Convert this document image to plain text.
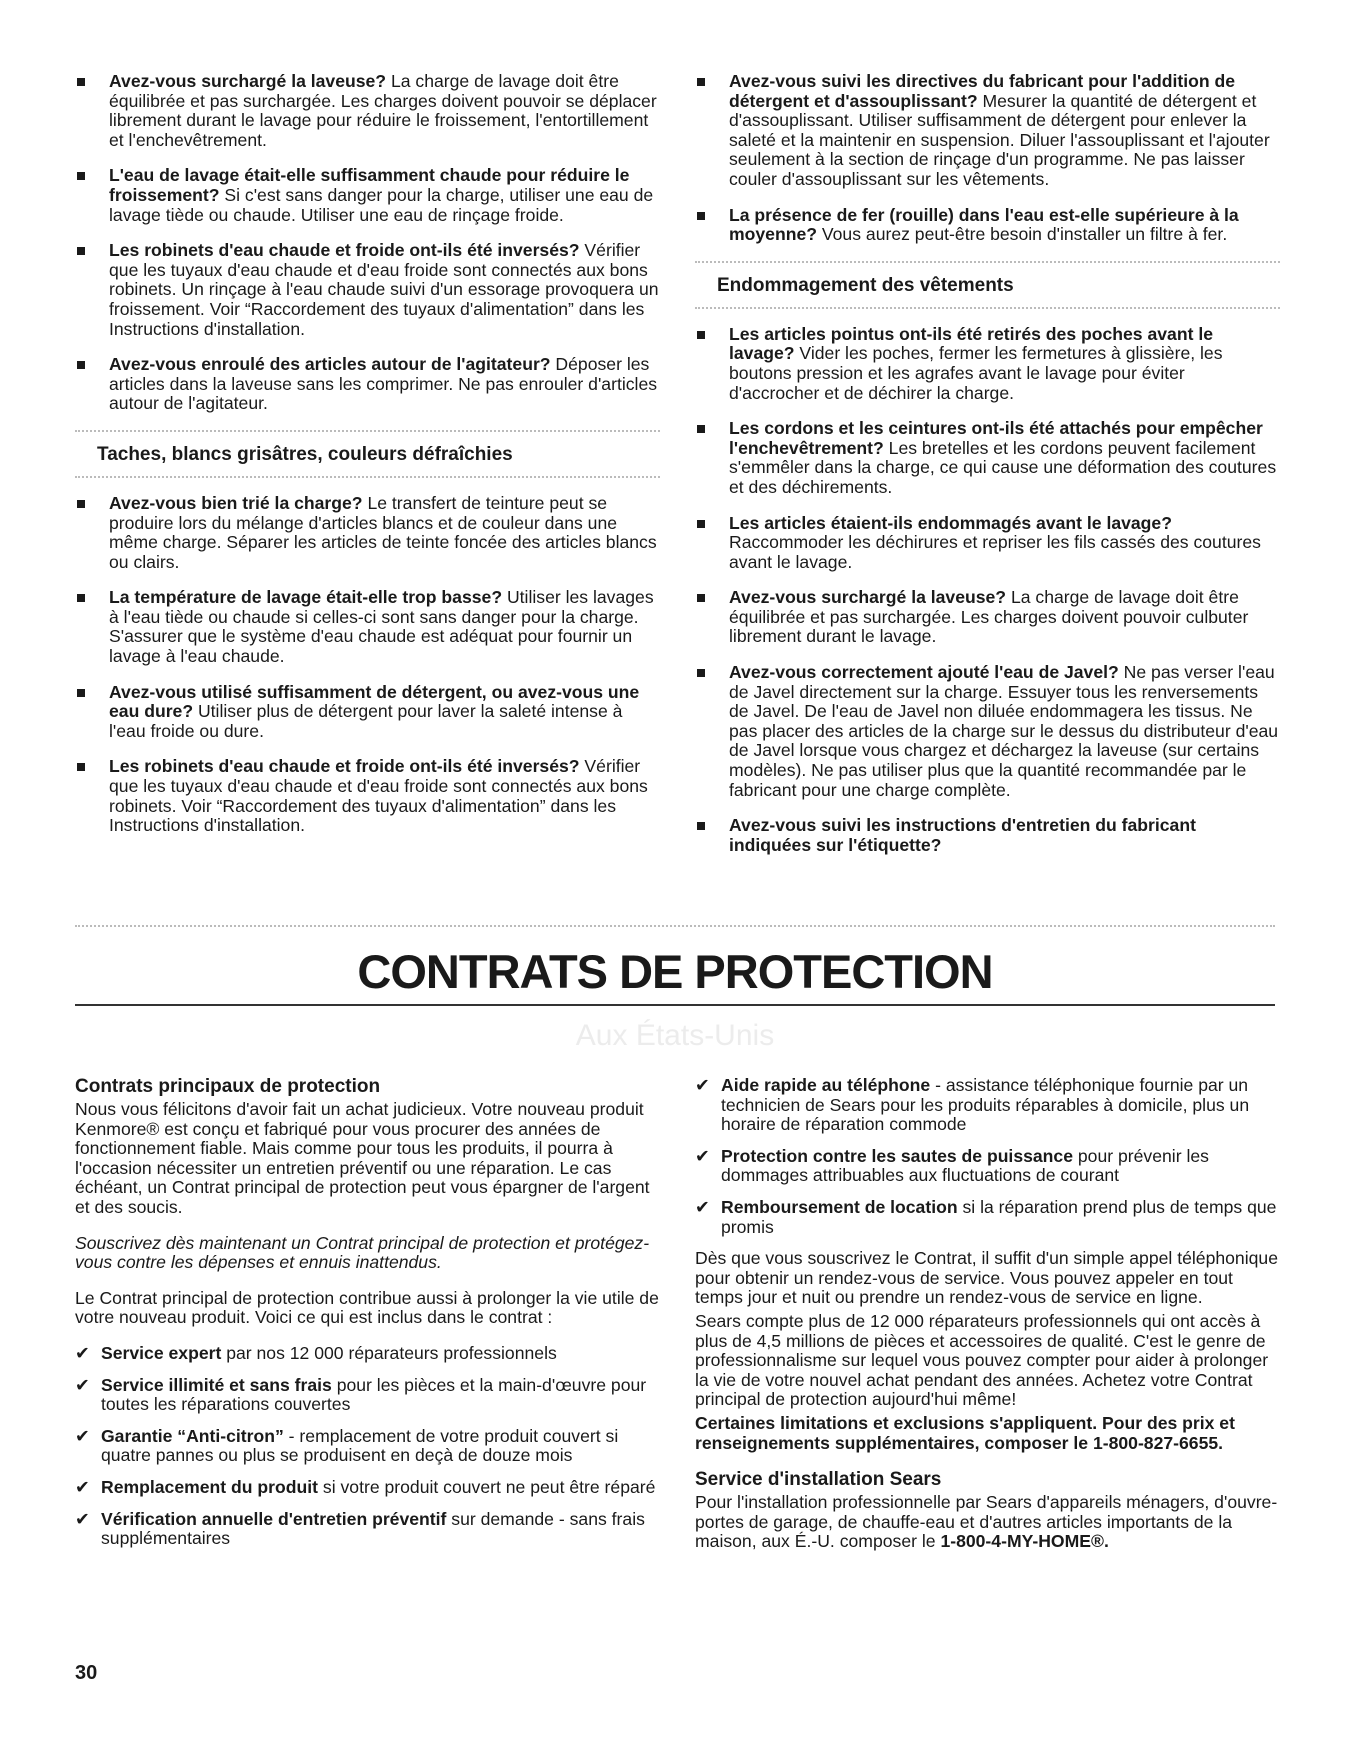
Avez-vous surchargé la laveuse? La charge de lavage doit être équilibrée et pas surchargée. Les charges doivent pouvoir se déplacer librement durant le lavage pour réduire le froissement, l'entortillement et l'enchevêtrement.
L'eau de lavage était-elle suffisamment chaude pour réduire le froissement? Si c'est sans danger pour la charge, utiliser une eau de lavage tiède ou chaude. Utiliser une eau de rinçage froide.
Les robinets d'eau chaude et froide ont-ils été inversés? Vérifier que les tuyaux d'eau chaude et d'eau froide sont connectés aux bons robinets. Un rinçage à l'eau chaude suivi d'un essorage provoquera un froissement. Voir “Raccordement des tuyaux d'alimentation” dans les Instructions d'installation.
Avez-vous enroulé des articles autour de l'agitateur? Déposer les articles dans la laveuse sans les comprimer. Ne pas enrouler d'articles autour de l'agitateur.
Taches, blancs grisâtres, couleurs défraîchies
Avez-vous bien trié la charge? Le transfert de teinture peut se produire lors du mélange d'articles blancs et de couleur dans une même charge. Séparer les articles de teinte foncée des articles blancs ou clairs.
La température de lavage était-elle trop basse? Utiliser les lavages à l'eau tiède ou chaude si celles-ci sont sans danger pour la charge. S'assurer que le système d'eau chaude est adéquat pour fournir un lavage à l'eau chaude.
Avez-vous utilisé suffisamment de détergent, ou avez-vous une eau dure? Utiliser plus de détergent pour laver la saleté intense à l'eau froide ou dure.
Les robinets d'eau chaude et froide ont-ils été inversés? Vérifier que les tuyaux d'eau chaude et d'eau froide sont connectés aux bons robinets. Voir “Raccordement des tuyaux d'alimentation” dans les Instructions d'installation.
Avez-vous suivi les directives du fabricant pour l'addition de détergent et d'assouplissant? Mesurer la quantité de détergent et d'assouplissant. Utiliser suffisamment de détergent pour enlever la saleté et la maintenir en suspension. Diluer l'assouplissant et l'ajouter seulement à la section de rinçage d'un programme. Ne pas laisser couler d'assouplissant sur les vêtements.
La présence de fer (rouille) dans l'eau est-elle supérieure à la moyenne? Vous aurez peut-être besoin d'installer un filtre à fer.
Endommagement des vêtements
Les articles pointus ont-ils été retirés des poches avant le lavage? Vider les poches, fermer les fermetures à glissière, les boutons pression et les agrafes avant le lavage pour éviter d'accrocher et de déchirer la charge.
Les cordons et les ceintures ont-ils été attachés pour empêcher l'enchevêtrement? Les bretelles et les cordons peuvent facilement s'emmêler dans la charge, ce qui cause une déformation des coutures et des déchirements.
Les articles étaient-ils endommagés avant le lavage? Raccommoder les déchirures et repriser les fils cassés des coutures avant le lavage.
Avez-vous surchargé la laveuse? La charge de lavage doit être équilibrée et pas surchargée. Les charges doivent pouvoir culbuter librement durant le lavage.
Avez-vous correctement ajouté l'eau de Javel? Ne pas verser l'eau de Javel directement sur la charge. Essuyer tous les renversements de Javel. De l'eau de Javel non diluée endommagera les tissus. Ne pas placer des articles de la charge sur le dessus du distributeur d'eau de Javel lorsque vous chargez et déchargez la laveuse (sur certains modèles). Ne pas utiliser plus que la quantité recommandée par le fabricant pour une charge complète.
Avez-vous suivi les instructions d'entretien du fabricant indiquées sur l'étiquette?
CONTRATS DE PROTECTION
Aux États-Unis
Contrats principaux de protection

Nous vous félicitons d'avoir fait un achat judicieux. Votre nouveau produit Kenmore® est conçu et fabriqué pour vous procurer des années de fonctionnement fiable. Mais comme pour tous les produits, il pourra à l'occasion nécessiter un entretien préventif ou une réparation. Le cas échéant, un Contrat principal de protection peut vous épargner de l'argent et des soucis.

Souscrivez dès maintenant un Contrat principal de protection et protégez-vous contre les dépenses et ennuis inattendus.

Le Contrat principal de protection contribue aussi à prolonger la vie utile de votre nouveau produit. Voici ce qui est inclus dans le contrat :

✔ Service expert par nos 12 000 réparateurs professionnels
✔ Service illimité et sans frais pour les pièces et la main-d'œuvre pour toutes les réparations couvertes
✔ Garantie “Anti-citron” - remplacement de votre produit couvert si quatre pannes ou plus se produisent en deçà de douze mois
✔ Remplacement du produit si votre produit couvert ne peut être réparé
✔ Vérification annuelle d'entretien préventif sur demande - sans frais supplémentaires
✔ Aide rapide au téléphone - assistance téléphonique fournie par un technicien de Sears pour les produits réparables à domicile, plus un horaire de réparation commode
✔ Protection contre les sautes de puissance pour prévenir les dommages attribuables aux fluctuations de courant
✔ Remboursement de location si la réparation prend plus de temps que promis

Dès que vous souscrivez le Contrat, il suffit d'un simple appel téléphonique pour obtenir un rendez-vous de service. Vous pouvez appeler en tout temps jour et nuit ou prendre un rendez-vous de service en ligne.

Sears compte plus de 12 000 réparateurs professionnels qui ont accès à plus de 4,5 millions de pièces et accessoires de qualité. C'est le genre de professionnalisme sur lequel vous pouvez compter pour aider à prolonger la vie de votre nouvel achat pendant des années. Achetez votre Contrat principal de protection aujourd'hui même!

Certaines limitations et exclusions s'appliquent. Pour des prix et renseignements supplémentaires, composer le 1-800-827-6655.

Service d'installation Sears

Pour l'installation professionnelle par Sears d'appareils ménagers, d'ouvre-portes de garage, de chauffe-eau et d'autres articles importants de la maison, aux É.-U. composer le 1-800-4-MY-HOME®.

30
